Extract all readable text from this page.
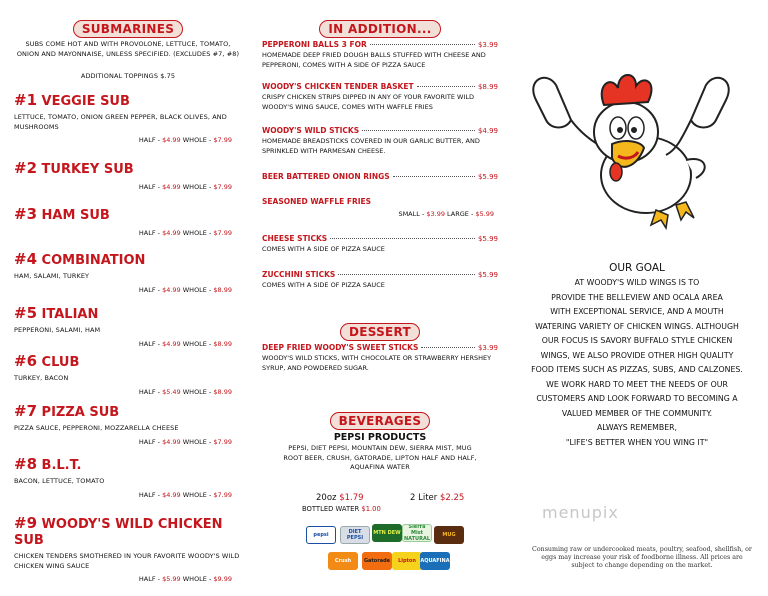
SUBMARINES
SUBS COME HOT AND WITH PROVOLONE, LETTUCE, TOMATO, ONION AND MAYONNAISE, UNLESS SPECIFIED. (EXCLUDES #7, #8)
ADDITIONAL TOPPINGS $.75
#1 VEGGIE SUB
LETTUCE, TOMATO, ONION GREEN PEPPER, BLACK OLIVES, AND MUSHROOMS
HALF - $4.99 WHOLE - $7.99
#2 TURKEY SUB
HALF - $4.99 WHOLE - $7.99
#3 HAM SUB
HALF - $4.99 WHOLE - $7.99
#4 COMBINATION
HAM, SALAMI, TURKEY
HALF - $4.99 WHOLE - $8.99
#5 ITALIAN
PEPPERONI, SALAMI, HAM
HALF - $4.99 WHOLE - $8.99
#6 CLUB
TURKEY, BACON
HALF - $5.49 WHOLE - $8.99
#7 PIZZA SUB
PIZZA SAUCE, PEPPERONI, MOZZARELLA CHEESE
HALF - $4.99 WHOLE - $7.99
#8 B.L.T.
BACON, LETTUCE, TOMATO
HALF - $4.99 WHOLE - $7.99
#9 WOODY'S WILD CHICKEN SUB
CHICKEN TENDERS SMOTHERED IN YOUR FAVORITE WOODY'S WILD CHICKEN WING SAUCE
HALF - $5.99 WHOLE - $9.99
IN ADDITION...
PEPPERONI BALLS 3 FOR	$3.99
HOMEMADE DEEP FRIED DOUGH BALLS STUFFED WITH CHEESE AND PEPPERONI, COMES WITH A SIDE OF PIZZA SAUCE
WOODY'S CHICKEN TENDER BASKET	$8.99
CRISPY CHICKEN STRIPS DIPPED IN ANY OF YOUR FAVORITE WILD WOODY'S WING SAUCE, COMES WITH WAFFLE FRIES
WOODY'S WILD STICKS	$4.99
HOMEMADE BREADSTICKS COVERED IN OUR GARLIC BUTTER, AND SPRINKLED WITH PARMESAN CHEESE.
BEER BATTERED ONION RINGS	$5.99
SEASONED WAFFLE FRIES
SMALL - $3.99 LARGE - $5.99
CHEESE STICKS	$5.99
COMES WITH A SIDE OF PIZZA SAUCE
ZUCCHINI STICKS	$5.99
COMES WITH A SIDE OF PIZZA SAUCE
DESSERT
DEEP FRIED WOODY'S SWEET STICKS	$3.99
WOODY'S WILD STICKS, WITH CHOCOLATE OR STRAWBERRY HERSHEY SYRUP, AND POWDERED SUGAR.
BEVERAGES
PEPSI PRODUCTS
PEPSI, DIET PEPSI, MOUNTAIN DEW, SIERRA MIST, MUG ROOT BEER, CRUSH, GATORADE, LIPTON HALF AND HALF, AQUAFINA WATER
20oz $1.79	2 Liter $2.25
BOTTLED WATER $1.00
pepsi	DIET PEPSI
MTN DEW
Sierra Mist NATURAL
MUG
Crush	Gatorade	Lipton AQUAFINA
OUR GOAL
AT WOODY'S WILD WINGS IS TO
PROVIDE THE BELLEVIEW AND OCALA AREA
WITH EXCEPTIONAL SERVICE, AND A MOUTH
WATERING VARIETY OF CHICKEN WINGS. ALTHOUGH
OUR FOCUS IS SAVORY BUFFALO STYLE CHICKEN
WINGS, WE ALSO PROVIDE OTHER HIGH QUALITY
FOOD ITEMS SUCH AS PIZZAS, SUBS, AND CALZONES.
WE WORK HARD TO MEET THE NEEDS OF OUR
CUSTOMERS AND LOOK FORWARD TO BECOMING A
VALUED MEMBER OF THE COMMUNITY.
ALWAYS REMEMBER,
"LIFE'S BETTER WHEN YOU WING IT"
menupix
Consuming raw or undercooked meats, poultry, seafood, shellfish, or eggs may increase your risk of foodborne illness. All prices are subject to change depending on the market.
